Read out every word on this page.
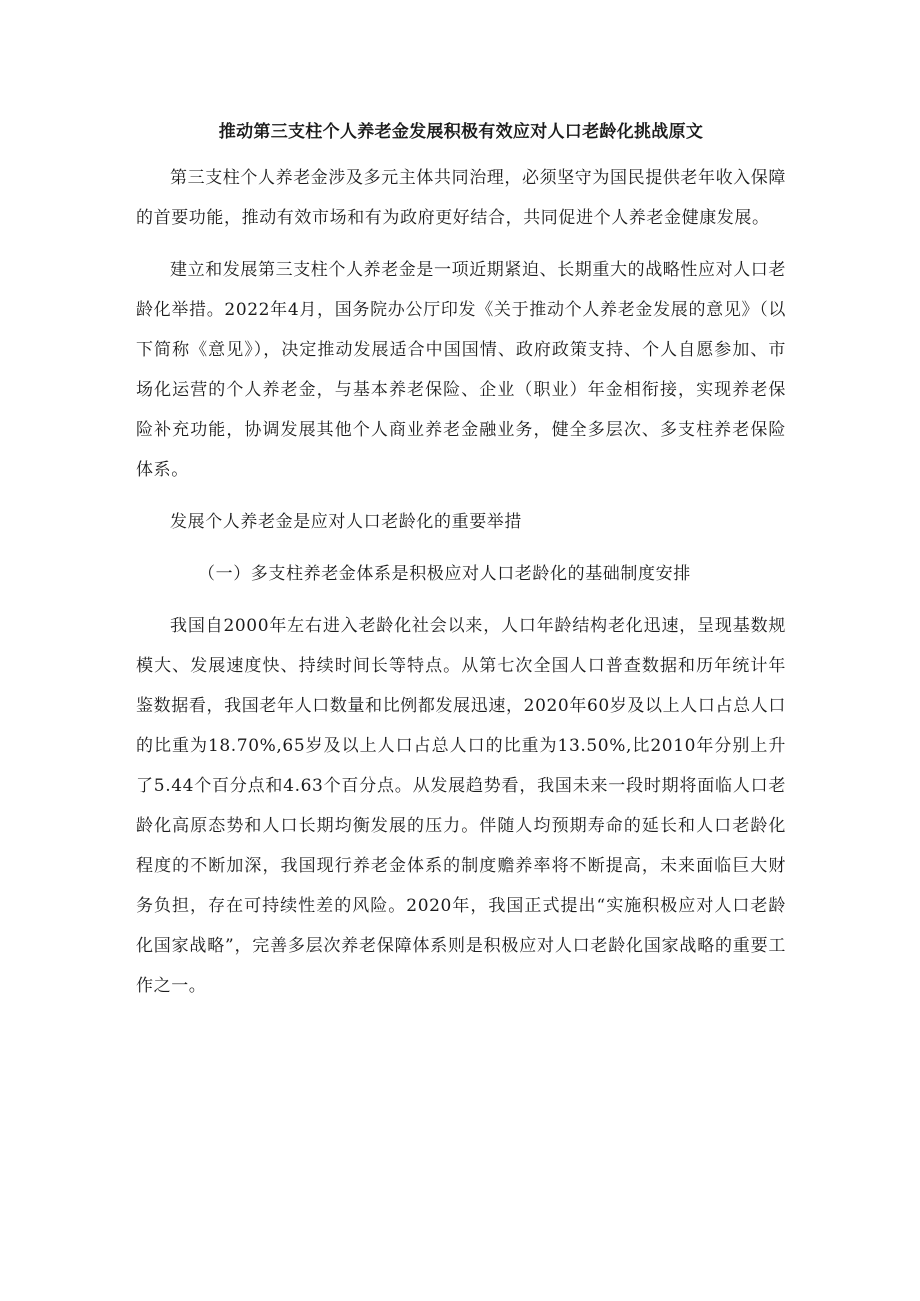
推动第三支柱个人养老金发展积极有效应对人口老龄化挑战原文

第三支柱个人养老金涉及多元主体共同治理，必须坚守为国民提供老年收入保障的首要功能，推动有效市场和有为政府更好结合，共同促进个人养老金健康发展。

建立和发展第三支柱个人养老金是一项近期紧迫、长期重大的战略性应对人口老龄化举措。2022年4月，国务院办公厅印发《关于推动个人养老金发展的意见》（以下简称《意见》），决定推动发展适合中国国情、政府政策支持、个人自愿参加、市场化运营的个人养老金，与基本养老保险、企业（职业）年金相衔接，实现养老保险补充功能，协调发展其他个人商业养老金融业务，健全多层次、多支柱养老保险体系。

发展个人养老金是应对人口老龄化的重要举措

（一）多支柱养老金体系是积极应对人口老龄化的基础制度安排

我国自2000年左右进入老龄化社会以来，人口年龄结构老化迅速，呈现基数规模大、发展速度快、持续时间长等特点。从第七次全国人口普查数据和历年统计年鉴数据看，我国老年人口数量和比例都发展迅速，2020年60岁及以上人口占总人口的比重为18.70%,65岁及以上人口占总人口的比重为13.50%,比2010年分别上升了5.44个百分点和4.63个百分点。从发展趋势看，我国未来一段时期将面临人口老龄化高原态势和人口长期均衡发展的压力。伴随人均预期寿命的延长和人口老龄化程度的不断加深，我国现行养老金体系的制度赡养率将不断提高，未来面临巨大财务负担，存在可持续性差的风险。2020年，我国正式提出“实施积极应对人口老龄化国家战略”，完善多层次养老保障体系则是积极应对人口老龄化国家战略的重要工作之一。
